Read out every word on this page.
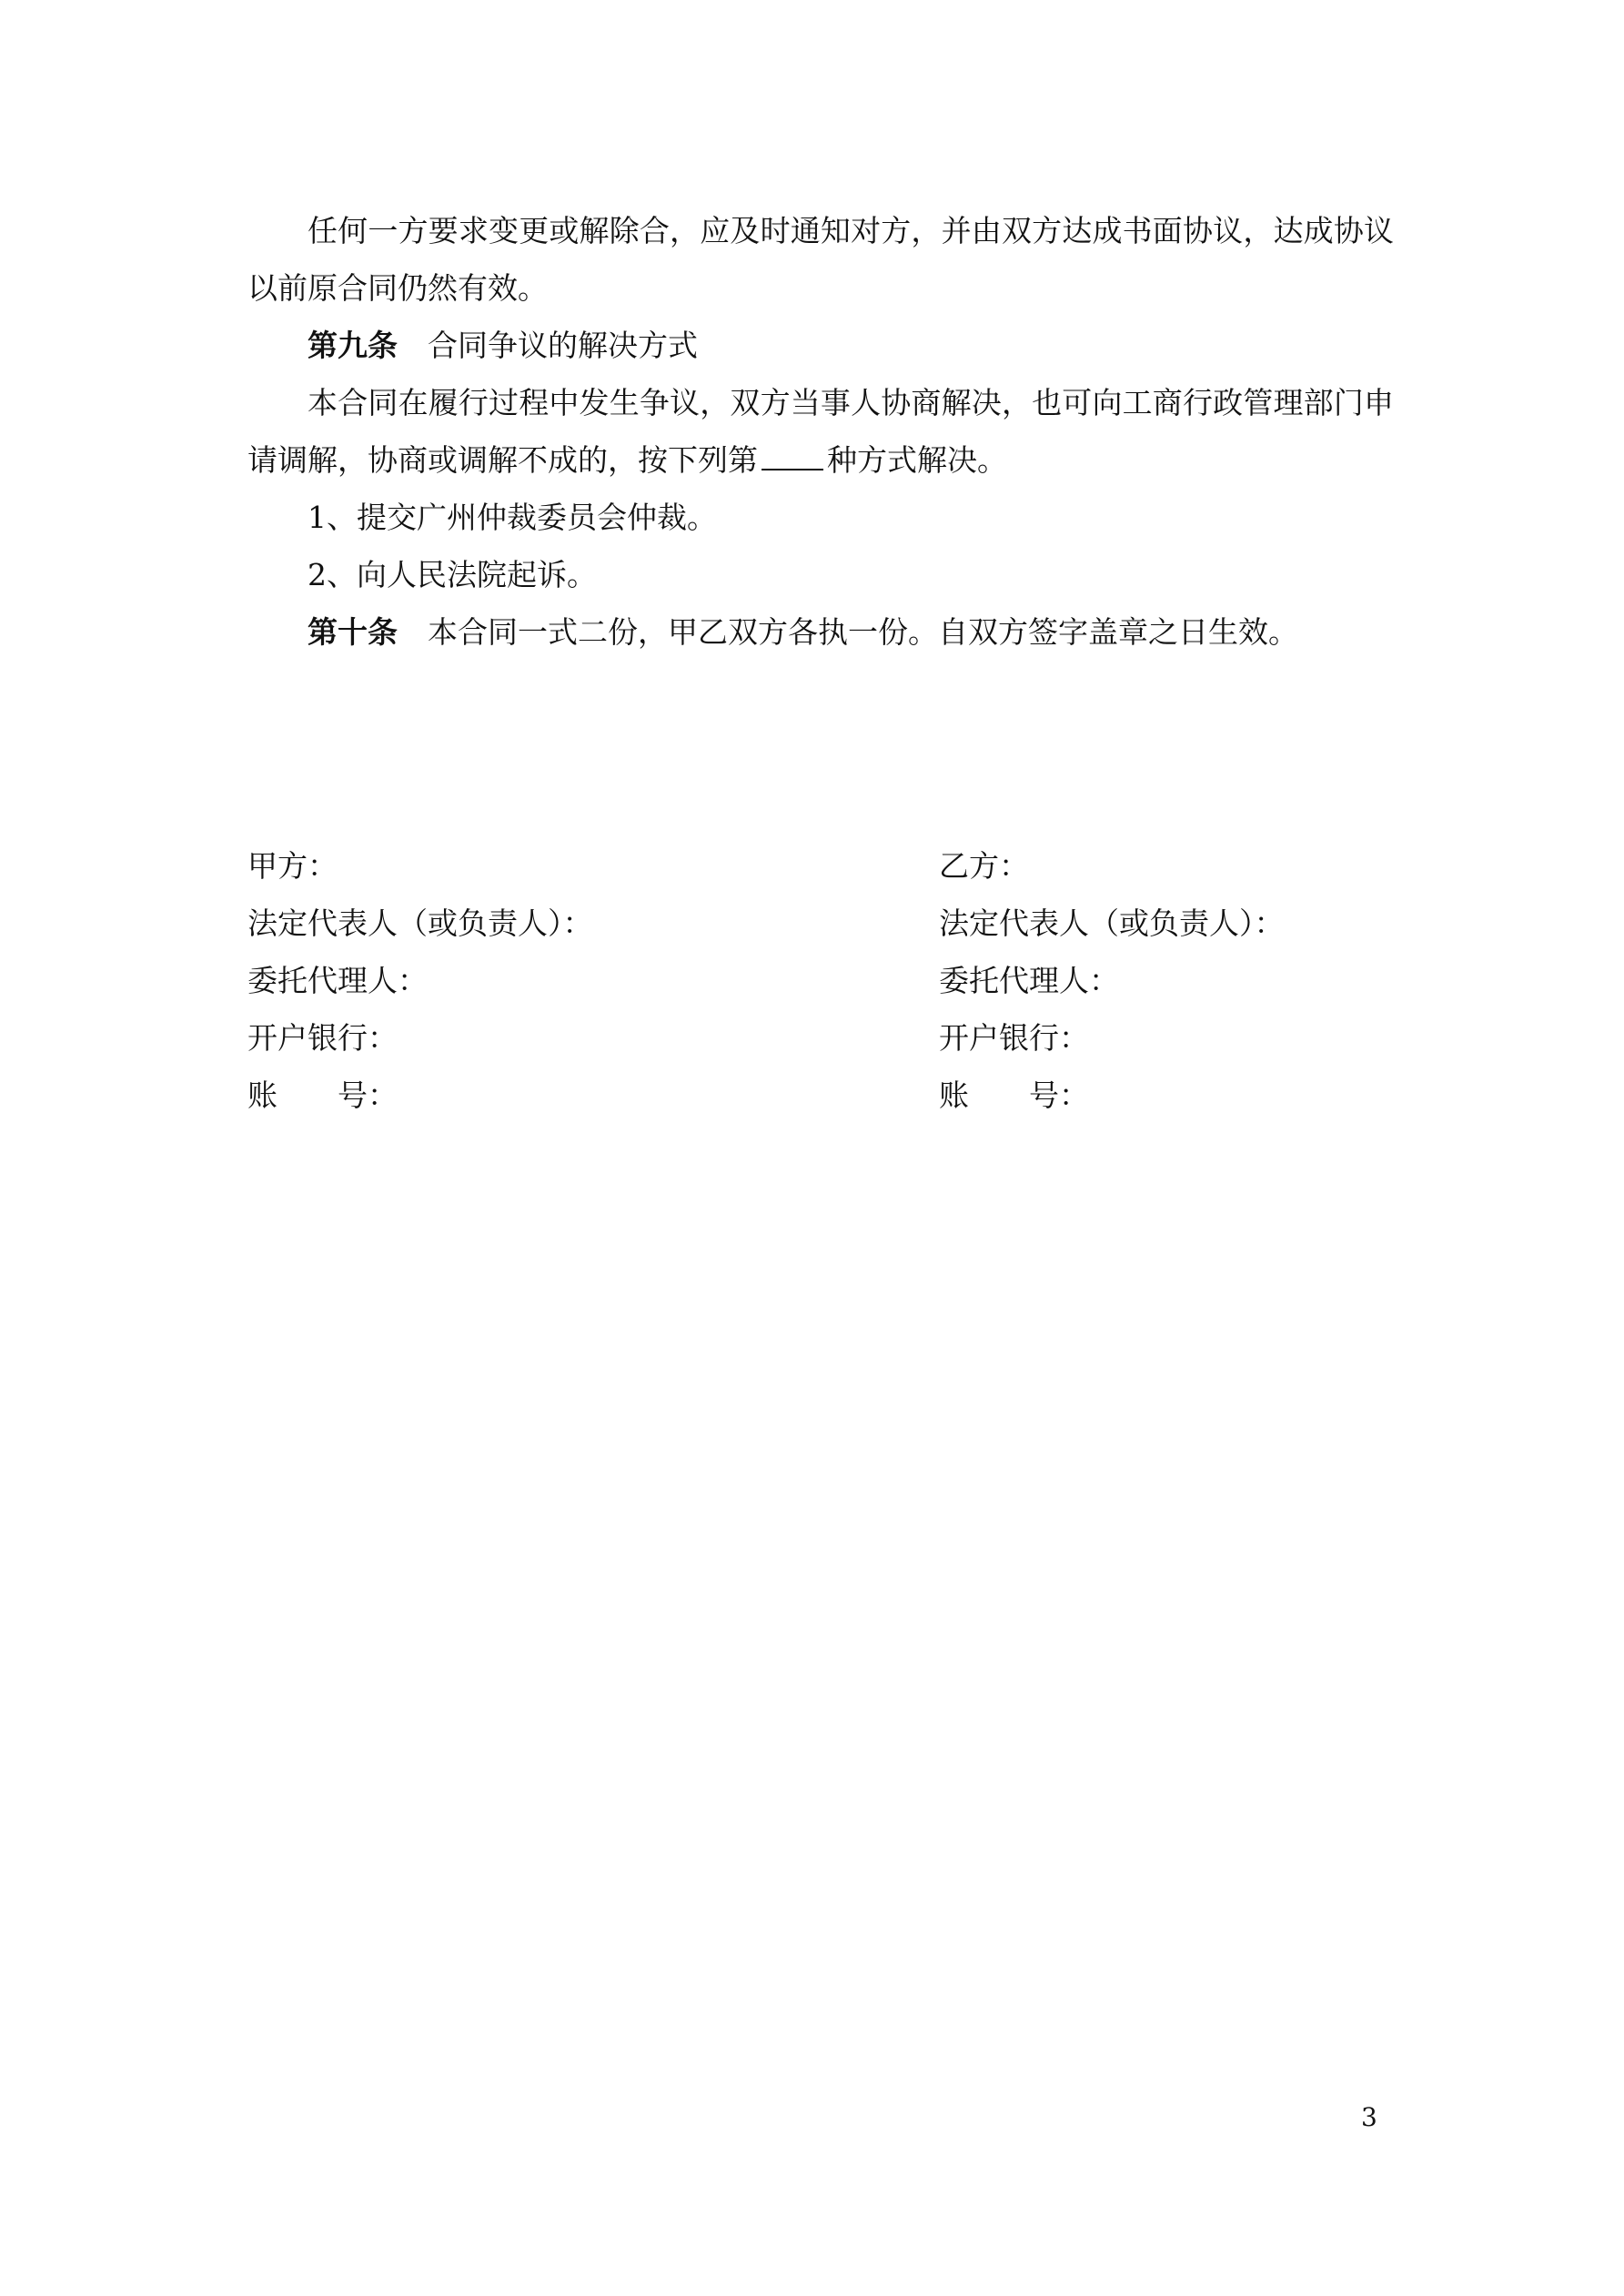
任何一方要求变更或解除合，应及时通知对方，并由双方达成书面协议，达成协议以前原合同仍然有效。

第九条 合同争议的解决方式

本合同在履行过程中发生争议，双方当事人协商解决，也可向工商行政管理部门申请调解，协商或调解不成的，按下列第 种方式解决。

1、提交广州仲裁委员会仲裁。

2、向人民法院起诉。

第十条 本合同一式二份，甲乙双方各执一份。自双方签字盖章之日生效。

甲方：

法定代表人（或负责人）：

委托代理人：

开户银行：

账　　号：

乙方：

法定代表人（或负责人）：

委托代理人：

开户银行：

账　　号：

3
